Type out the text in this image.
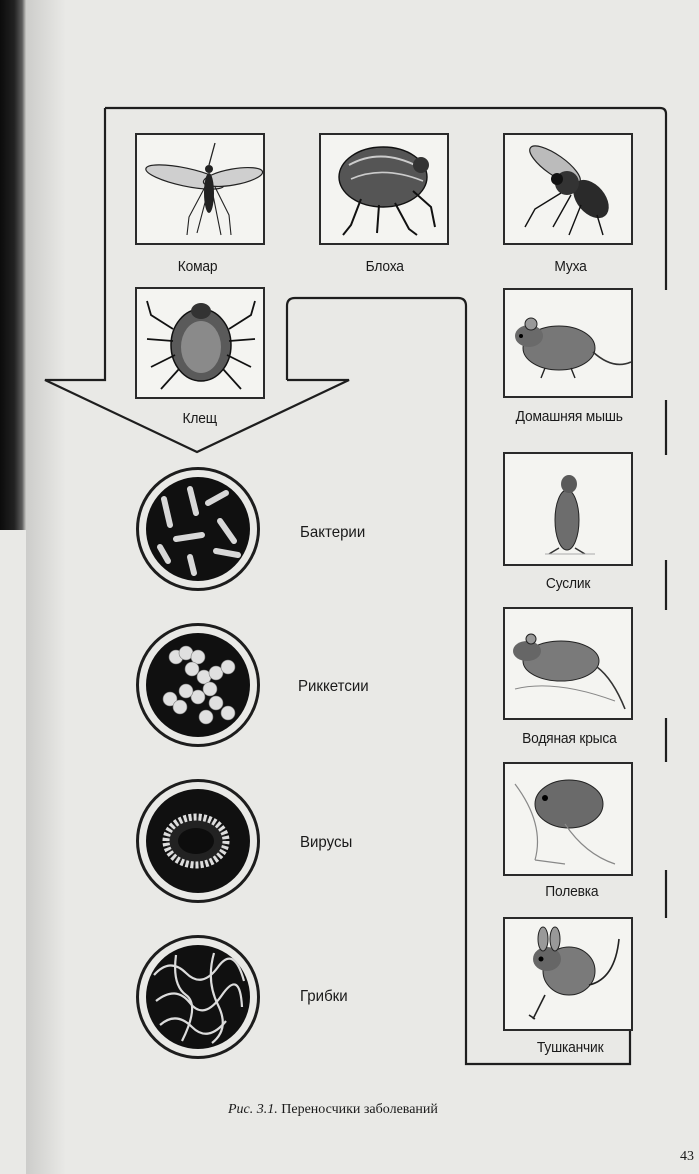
Комар	Блоха	Муха
Клещ	Домашняя мышь
Суслик
Водяная крыса
Полевка
Тушканчик
Бактерии
Риккетсии
Вирусы
Грибки
Рис. 3.1. Переносчики заболеваний
43
